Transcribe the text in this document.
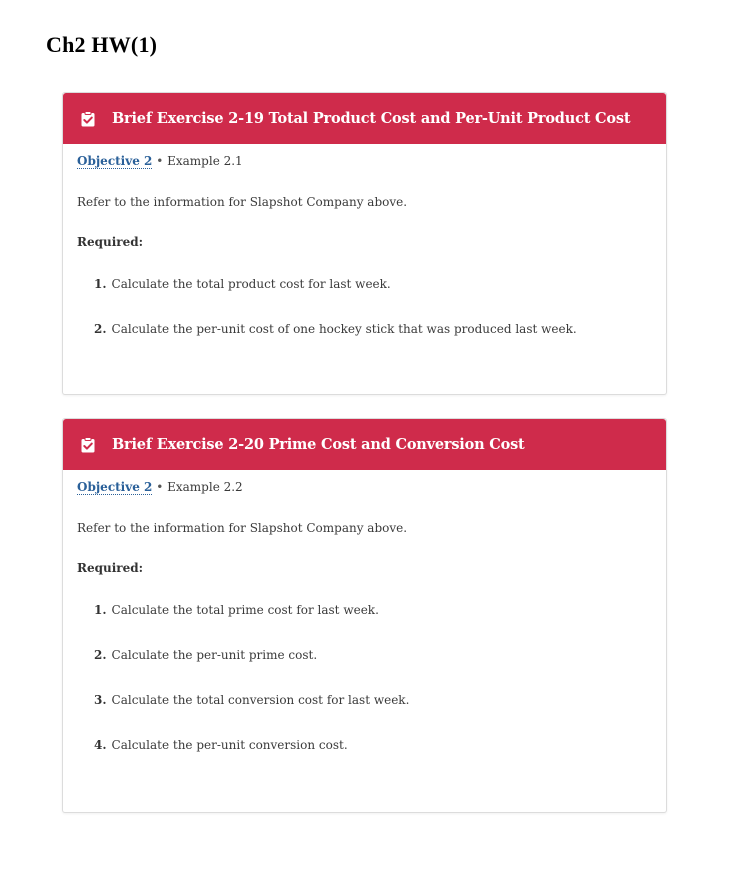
Ch2 HW(1)
Brief Exercise 2-19 Total Product Cost and Per-Unit Product Cost
Objective 2 • Example 2.1
Refer to the information for Slapshot Company above.
Required:
1. Calculate the total product cost for last week.
2. Calculate the per-unit cost of one hockey stick that was produced last week.
Brief Exercise 2-20 Prime Cost and Conversion Cost
Objective 2 • Example 2.2
Refer to the information for Slapshot Company above.
Required:
1. Calculate the total prime cost for last week.
2. Calculate the per-unit prime cost.
3. Calculate the total conversion cost for last week.
4. Calculate the per-unit conversion cost.
